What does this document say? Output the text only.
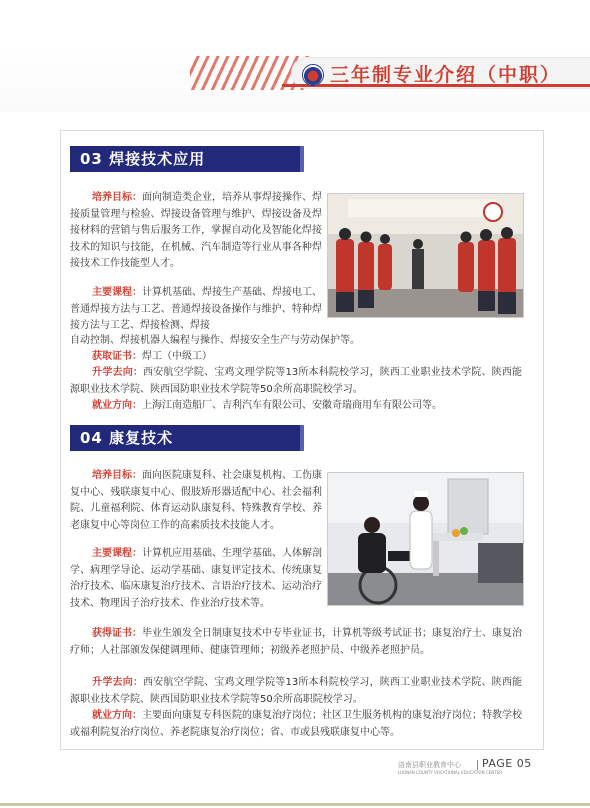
三年制专业介绍（中职）
03 焊接技术应用
培养目标：面向制造类企业，培养从事焊接操作、焊接质量管理与检验、焊接设备管理与维护、焊接设备及焊接材料的营销与售后服务工作，掌握自动化及智能化焊接技术的知识与技能，在机械、汽车制造等行业从事各种焊接技术工作技能型人才。
主要课程：计算机基础、焊接生产基础、焊接电工、普通焊接方法与工艺、普通焊接设备操作与维护、特种焊接方法与工艺、焊接检测、焊接
自动控制、焊接机器人编程与操作、焊接安全生产与劳动保护等。
获取证书：焊工（中级工）
升学去向：西安航空学院、宝鸡文理学院等13所本科院校学习，陕西工业职业技术学院、陕西能源职业技术学院、陕西国防职业技术学院等50余所高职院校学习。
就业方向：上海江南造船厂、吉利汽车有限公司、安徽奇瑞商用车有限公司等。
04 康复技术
培养目标：面向医院康复科、社会康复机构、工伤康复中心、残联康复中心、假肢矫形器适配中心、社会福利院、儿童福利院、体育运动队康复科、特殊教育学校、养老康复中心等岗位工作的高素质技术技能人才。
主要课程：计算机应用基础、生理学基础、人体解剖学、病理学导论、运动学基础、康复评定技术、传统康复治疗技术、临床康复治疗技术、言语治疗技术、运动治疗技术、物理因子治疗技术、作业治疗技术等。
获得证书：毕业生颁发全日制康复技术中专毕业证书，计算机等级考试证书；康复治疗士、康复治疗师；人社部颁发保健调理师、健康管理师；初级养老照护员、中级养老照护员。
升学去向：西安航空学院、宝鸡文理学院等13所本科院校学习，陕西工业职业技术学院、陕西能源职业技术学院、陕西国防职业技术学院等50余所高职院校学习。
就业方向：主要面向康复专科医院的康复治疗岗位；社区卫生服务机构的康复治疗岗位；特教学校或福利院复治疗岗位、养老院康复治疗岗位；省、市或县残联康复中心等。
洛南县职业教育中心
LUONAN COUNTY VOCATIONAL EDUCATION CENTER
PAGE 05
